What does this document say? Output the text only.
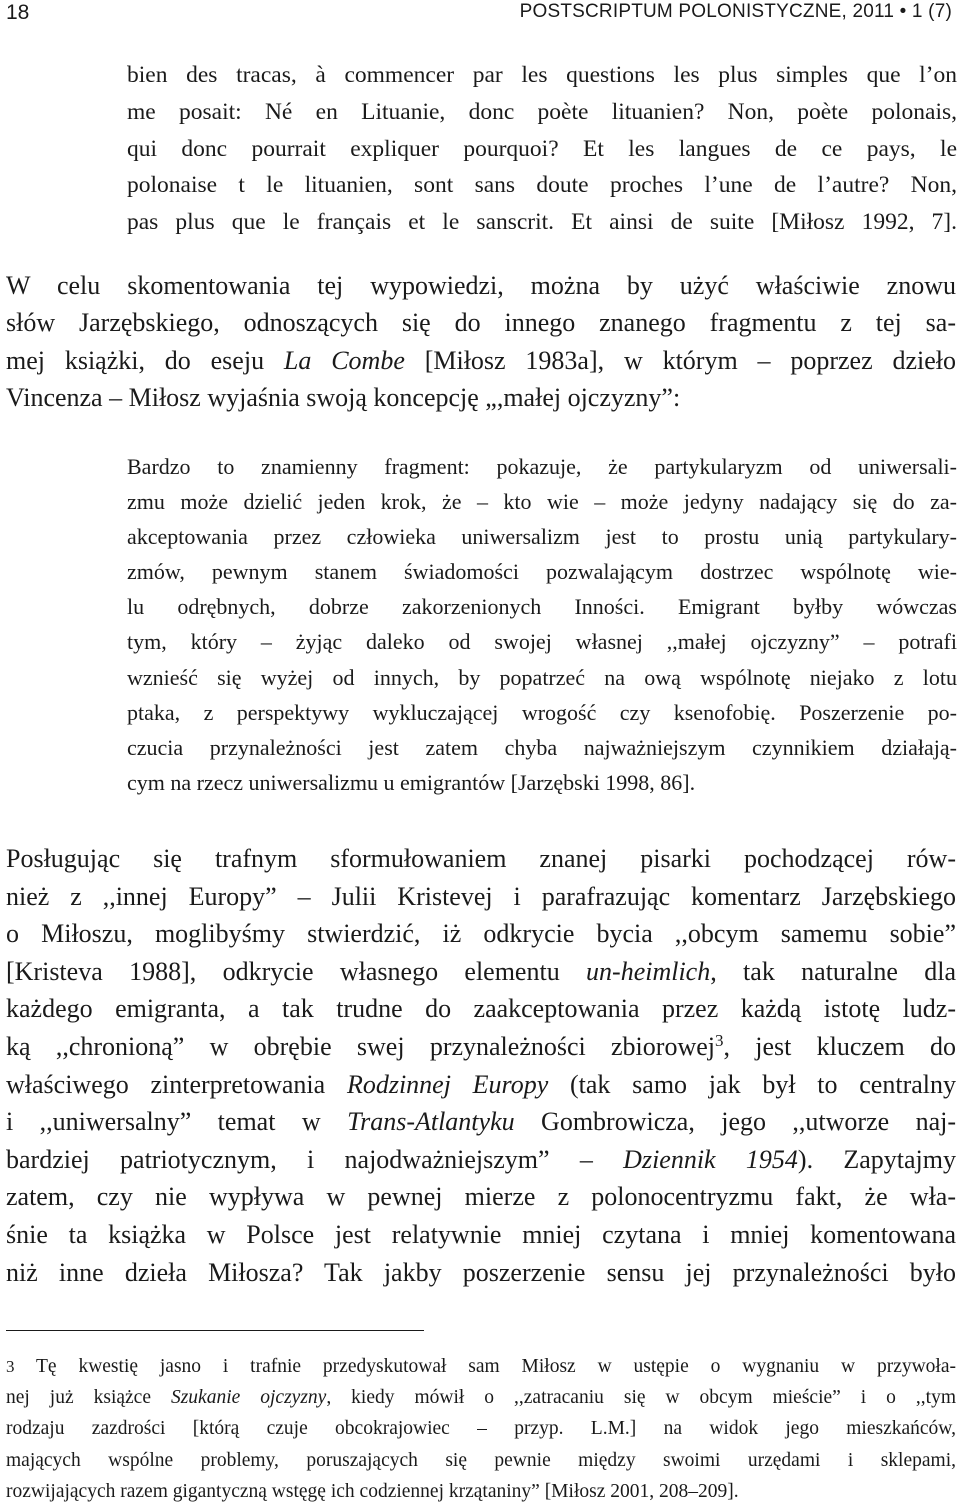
18	POSTSCRIPTUM POLONISTYCZNE, 2011 • 1 (7)
bien des tracas, à commencer par les questions les plus simples que l’on
me posait: Né en Lituanie, donc poète lituanien? Non, poète polonais,
qui donc pourrait expliquer pourquoi? Et les langues de ce pays, le
polonaise t le lituanien, sont sans doute proches l’une de l’autre? Non,
pas plus que le français et le sanscrit. Et ainsi de suite [Miłosz 1992, 7].
W celu skomentowania tej wypowiedzi, można by użyć właściwie znowu
słów Jarzębskiego, odnoszących się do innego znanego fragmentu z tej sa-
mej książki, do eseju La Combe [Miłosz 1983a], w którym – poprzez dzieło
Vincenza – Miłosz wyjaśnia swoją koncepcję „,małej ojczyzny”:
Bardzo to znamienny fragment: pokazuje, że partykularyzm od uniwersali-
zmu może dzielić jeden krok, że – kto wie – może jedyny nadający się do za-
akceptowania przez człowieka uniwersalizm jest to prostu unią partykulary-
zmów, pewnym stanem świadomości pozwalającym dostrzec wspólnotę wie-
lu odrębnych, dobrze zakorzenionych Inności. Emigrant byłby wówczas
tym, który – żyjąc daleko od swojej własnej ,,małej ojczyzny” – potrafi
wznieść się wyżej od innych, by popatrzeć na ową wspólnotę niejako z lotu
ptaka, z perspektywy wykluczającej wrogość czy ksenofobię. Poszerzenie po-
czucia przynależności jest zatem chyba najważniejszym czynnikiem działają-
cym na rzecz uniwersalizmu u emigrantów [Jarzębski 1998, 86].
Posługując się trafnym sformułowaniem znanej pisarki pochodzącej rów-
nież z ,,innej Europy” – Julii Kristevej i parafrazując komentarz Jarzębskiego
o Miłoszu, moglibyśmy stwierdzić, iż odkrycie bycia ,,obcym samemu sobie”
[Kristeva 1988], odkrycie własnego elementu un-heimlich, tak naturalne dla
każdego emigranta, a tak trudne do zaakceptowania przez każdą istotę ludz-
ką ,,chronioną” w obrębie swej przynależności zbiorowej$^3$, jest kluczem do
właściwego zinterpretowania Rodzinnej Europy (tak samo jak był to centralny
i ,,uniwersalny” temat w Trans-Atlantyku Gombrowicza, jego ,,utworze naj-
bardziej patriotycznym, i najodważniejszym” – Dziennik 1954). Zapytajmy
zatem, czy nie wypływa w pewnej mierze z polonocentryzmu fakt, że wła-
śnie ta książka w Polsce jest relatywnie mniej czytana i mniej komentowana
niż inne dzieła Miłosza? Tak jakby poszerzenie sensu jej przynależności było
3 Tę kwestię jasno i trafnie przedyskutował sam Miłosz w ustępie o wygnaniu w przywoła-
nej już książce Szukanie ojczyzny, kiedy mówił o ,,zatracaniu się w obcym mieście” i o ,,tym
rodzaju zazdrości [którą czuje obcokrajowiec – przyp. L.M.] na widok jego mieszkańców,
mających wspólne problemy, poruszających się pewnie między swoimi urzędami i sklepami,
rozwijających razem gigantyczną wstęgę ich codziennej krzątaniny” [Miłosz 2001, 208–209].
